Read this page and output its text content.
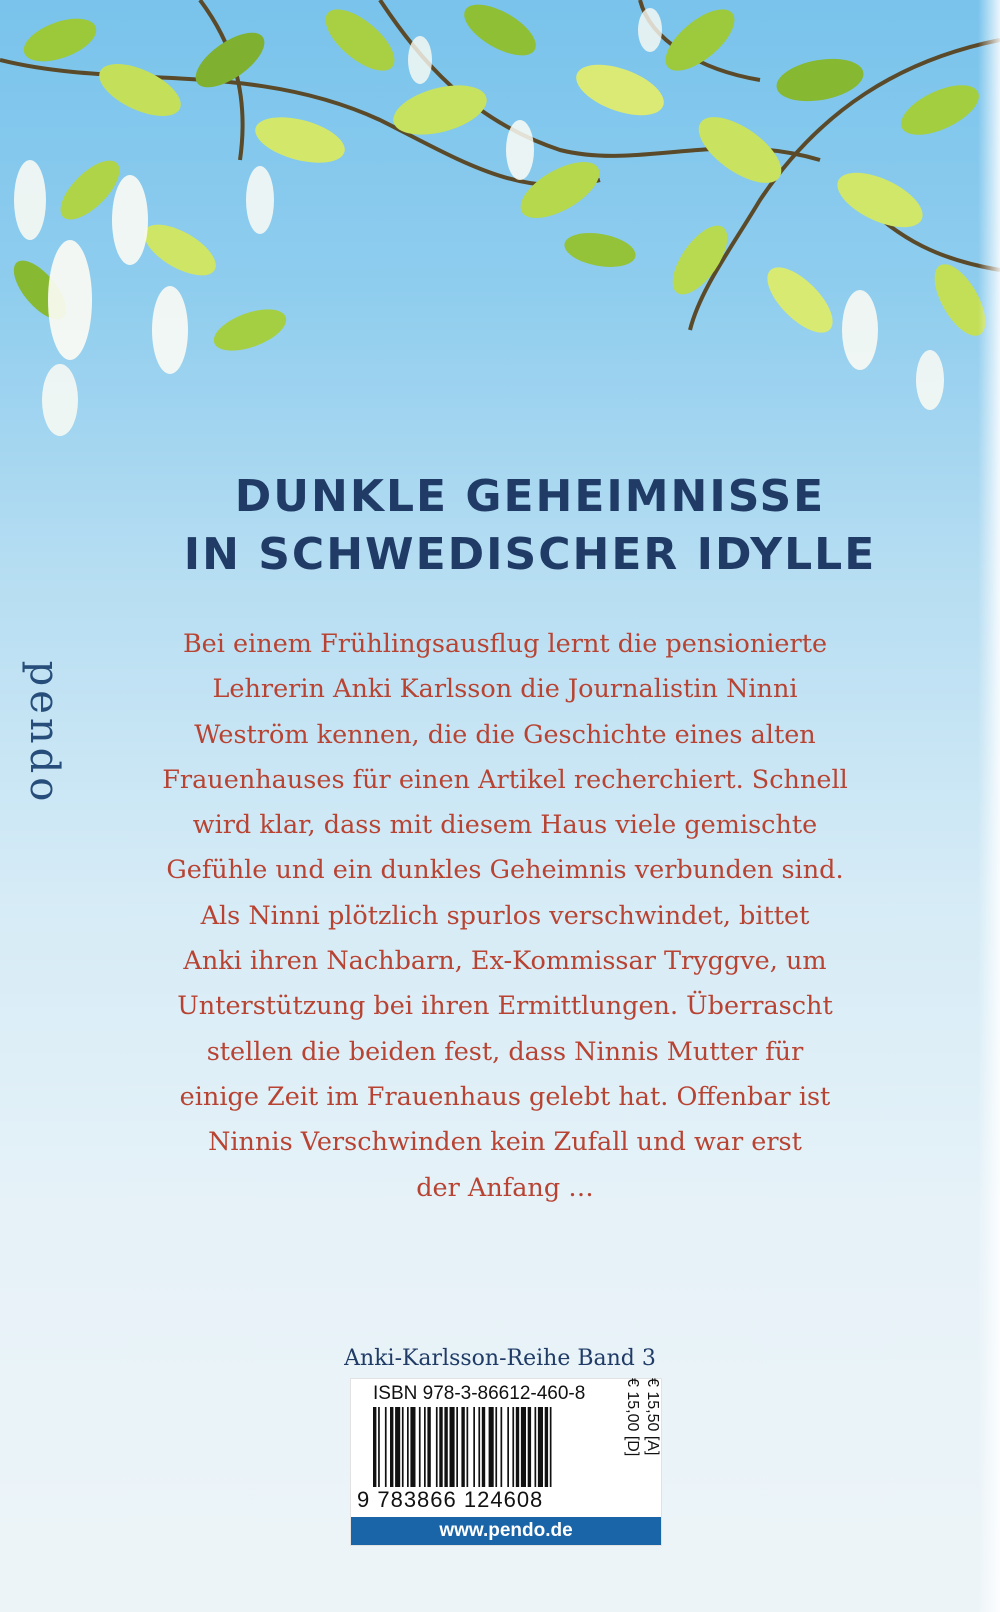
DUNKLE GEHEIMNISSE
IN SCHWEDISCHER IDYLLE
pendo
Bei einem Frühlingsausflug lernt die pensionierte
Lehrerin Anki Karlsson die Journalistin Ninni
Weström kennen, die die Geschichte eines alten
Frauenhauses für einen Artikel recherchiert. Schnell
wird klar, dass mit diesem Haus viele gemischte
Gefühle und ein dunkles Geheimnis verbunden sind.
Als Ninni plötzlich spurlos verschwindet, bittet
Anki ihren Nachbarn, Ex-Kommissar Tryggve, um
Unterstützung bei ihren Ermittlungen. Überrascht
stellen die beiden fest, dass Ninnis Mutter für
einige Zeit im Frauenhaus gelebt hat. Offenbar ist
Ninnis Verschwinden kein Zufall und war erst
der Anfang …
Anki-Karlsson-Reihe Band 3
ISBN 978-3-86612-460-8
9 783866 124608
€ 15,00 [D] € 15,50 [A]
www.pendo.de
